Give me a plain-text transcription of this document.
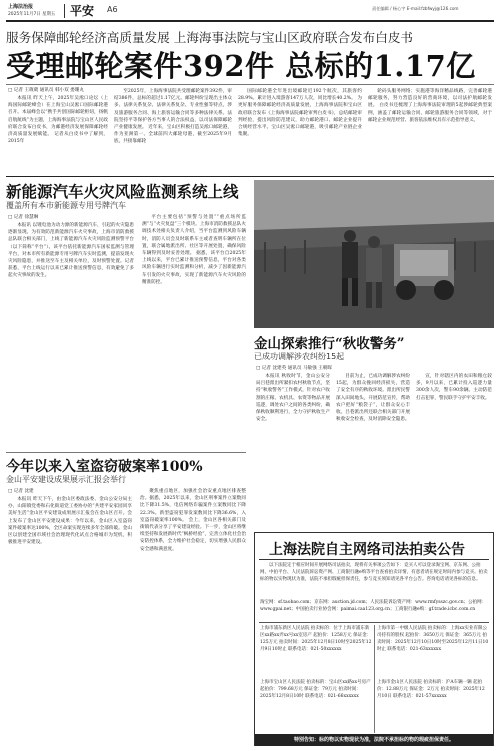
上海法治报
2025年11月7日 星期五 平安 A6	责任编辑 / 杨心宇 E-mail:fzbfwyj@126.com
服务保障邮轮经济高质量发展 上海海事法院与宝山区政府联合发布白皮书
受理邮轮案件392件 总标的1.17亿
□ 记者 王葳葳 通讯员 韩小双 娄珊丸

本报讯 昨天上午，2025年吴淞口论坛（上海国际邮轮峰会）在上海宝山吴淞口国际邮轮港召开。本届峰会以“携手共创国际邮轮枢纽，扬帆启航航线”为主题，上海海事法院与宝山区人民政府联合发布白皮书，为邮港经济发展保障邮轮经济高质量发展赋能。 记者从白皮书中了解到，2015年

至2025年，上海海事法院共受理邮轮案件392件，审结386件，总标的超过1.17亿元。邮轮纠纷呈现出主体众多、法律关系复杂、法律关系复杂、专业性强等特点，涉及旅游服务合同、海上旅客运输合同等多种法律关系。法院坚持平等保护各方当事人的合法权益，以司法保障邮轮产业健康发展。 近年来，宝山区积极打造吴淞口邮轮港，作为亚洲第一、全球前四大邮轮母港，截至2025年9月底，共接靠邮轮

国际邮轮港全年进出境邮轮近192个航次，其旅客约28.9%。累计进入境游客147万人次，同比增长40.2%。 为更好服务保障邮轮经济高质量发展，上海海事法院和宝山区政府联合发布《上海海事法院邮轮审判白皮书》，总结邮轮审判经验，提出风险防范建议，助力邮轮港口、邮轮企业提升合规经营水平。宝山区吴淞口邮轮港，吸引邮轮产业链企业集聚。

轮码头服务网络；实施港等海洋精品线路，完善邮轮港邮轮服务，努力营造良好的营商环境，以司法护航邮轮发展。 白皮书还梳理了上海海事法院审理的5起涉邮轮典型案例，涵盖了邮轮运输合同、邮轮旅游服务合同等领域，对于邮轮企业规范经营、旅客依法维权具有示范指导意义。

新能源汽车火灾风险监测系统上线
覆盖所有本市新能源专用号牌汽车
□ 记者 徐慧琳

本报讯 以锂电池为动力源的新能源汽车，引起的火灾隐患逐渐显现。为有效防范新能源汽车火灾事故，上海市消防救援总队联合相关部门，上线了新能源汽车火灾风险监测预警平台（以下简称“平台”）。该平台依托新能源汽车国家监测与管理平台，对本市所有新能源专用号牌汽车实时监测，提前发现火灾风险隐患，并推送至车主及相关单位，及时预警处置。记者获悉，平台上线运行以来已累计推送预警信息，有效避免了多起火灾事故的发生。

平台主要包括“预警与处置”“重点场所监测”与“火灾复盘”三个模块。上海市消防救援总队火调技术处相关负责人介绍，当平台监测到风险车辆时，消防人员会及时联系车主或者查明车辆所在位置，联合属地派出所、社区等开展处置，确保风险车辆得到及时妥善处理。 据悉，该平台自2025年上线以来，平台已累计推送预警信息，平台对各类风险车辆进行实时监测和分析，减少了因新能源汽车引发的火灾事故，实现了新能源汽车火灾风险的精准防控。

金山探索推行“秋收警务”
已成功调解涉农纠纷15起
□ 记者 沈建英 通讯员 马敏强 王朝晖

本报讯 秋收时节，金山公安分局吕巷派出所紧扣农村秋收节点，坚持“秋收警务”工作模式，针对农户收割的庄稼、农机具、农资等物品开展巡逻，调处农户之间的各类纠纷，确保秋收顺利进行，全力守护秋收生产安全。

目前为止，已成功调解涉农纠纷15起，为群众挽回经济损失，营造了安全有序的秋收环境。派出所民警深入田间地头，开展防范宣传，帮助农户把好“粮袋子”，让群众安心丰收。吕巷派出所还联合相关部门开展秋收安全检查，及时消除安全隐患。

宣，针对辖区内的农田和粮仓较多，9月以来，已累计投入巡逻力量300余人次，警车90余辆。主动防范打击犯罪，警民联手守护平安丰收。

今年以来入室盗窃破案率100%
金山平安建设成果展示汇报会举行
□ 记者 沈建

本报讯 昨天下午，由金山区委政法委、金山公安分局主办，山阳镇党委和石化街道党工委协办的“共建平安家园同享美好生活”金山区平安建设成果展示汇报会在金山区召开。会上发布了金山区平安建设成果：今年以来，金山区入室盗窃案件破案率达100%，全区命案实现连续多年全部侦破。金山区以创建全国市域社会治理现代化试点合格城市为契机，积极推进平安建设。

聚焦重点地区，加强社会治安重点地区排查整治。据悉，2025年以来，金山区刑事案件立案数同比下降31.5%，电信网络诈骗案件立案数同比下降22.3%。新型盗窃犯罪发案数同比下降36.6%，入室盗窃破案率100%。 会上，金山区各相关部门及街镇代表分享了平安建设经验。下一步，金山区将继续坚持和发展新时代“枫桥经验”，完善立体化社会治安防控体系，全力维护社会稳定，切实增强人民群众安全感和满意度。	上海法院自主网络司法拍卖公告
以下法院定于相应时间开展网络司法拍卖，现将有关事项公告如下：竞买人可以登录淘宝网、京东网、公拍网、中拍平台、人民法院诉讼资产网、工商银行融e购等平台查看拍卖详情，有意者请在规定时间内参与竞买。拍卖标的物以实物现状为准，法院不承担瑕疵担保责任，参与竞买须知请见各平台公告。咨询电话请见各标的信息。
淘宝网：sf.taobao.com；京东网：auction.jd.com；人民法院诉讼资产网：www.rmfysszc.gov.cn；公拍网：www.gpai.net；中国拍卖行业协会网：paimai.caa123.org.cn；工商银行融e购：gf.trade.icbc.com.cn
上海市浦东新区人民法院 拍卖标的：位于上海市浦东新区xx路xx弄xx号xx室房产 起拍价：1258万元 保证金：125万元 拍卖时间：2025年12月8日10时至2025年12月9日10时止 联系电话：021-50xxxxxx
上海市第一中级人民法院 拍卖标的：上海xx实业有限公司持有的股权 起拍价：3650万元 保证金：365万元 拍卖时间：2025年12月10日10时至2025年12月11日10时止 联系电话：021-63xxxxxx
上海市宝山区人民法院 拍卖标的：宝山区xx路xx号房产 起拍价：799.68万元 保证金：79万元 拍卖时间：2025年12月8日10时 联系电话：021-66xxxxxx
上海市金山区人民法院 拍卖标的：沪A车辆一辆 起拍价：12.88万元 保证金：2万元 拍卖时间：2025年12月10日 联系电话：021-57xxxxxx
特别告知：标的物以实物现状为准，法院不承担标的物的瑕疵担保责任。
